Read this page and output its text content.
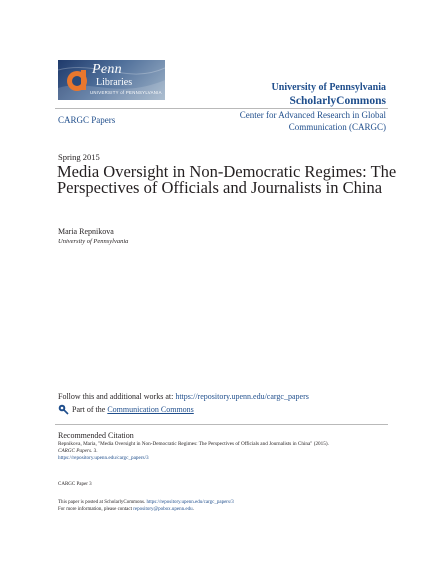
Penn
Libraries
UNIVERSITY of PENNSYLVANIA	University of Pennsylvania
ScholarlyCommons
CARGC Papers	Center for Advanced Research in Global Communication (CARGC)
Spring 2015
Media Oversight in Non-Democratic Regimes: The Perspectives of Officials and Journalists in China
Maria Repnikova
University of Pennsylvania
Follow this and additional works at: https://repository.upenn.edu/cargc_papers
Part of the
Communication Commons
Recommended Citation
Repnikova, Maria, "Media Oversight in Non-Democratic Regimes: The Perspectives of Officials and Journalists in China" (2015).
CARGC Papers. 3.
https://repository.upenn.edu/cargc_papers/3
CARGC Paper 3
This paper is posted at ScholarlyCommons. https://repository.upenn.edu/cargc_papers/3
For more information, please contact repository@pobox.upenn.edu.
